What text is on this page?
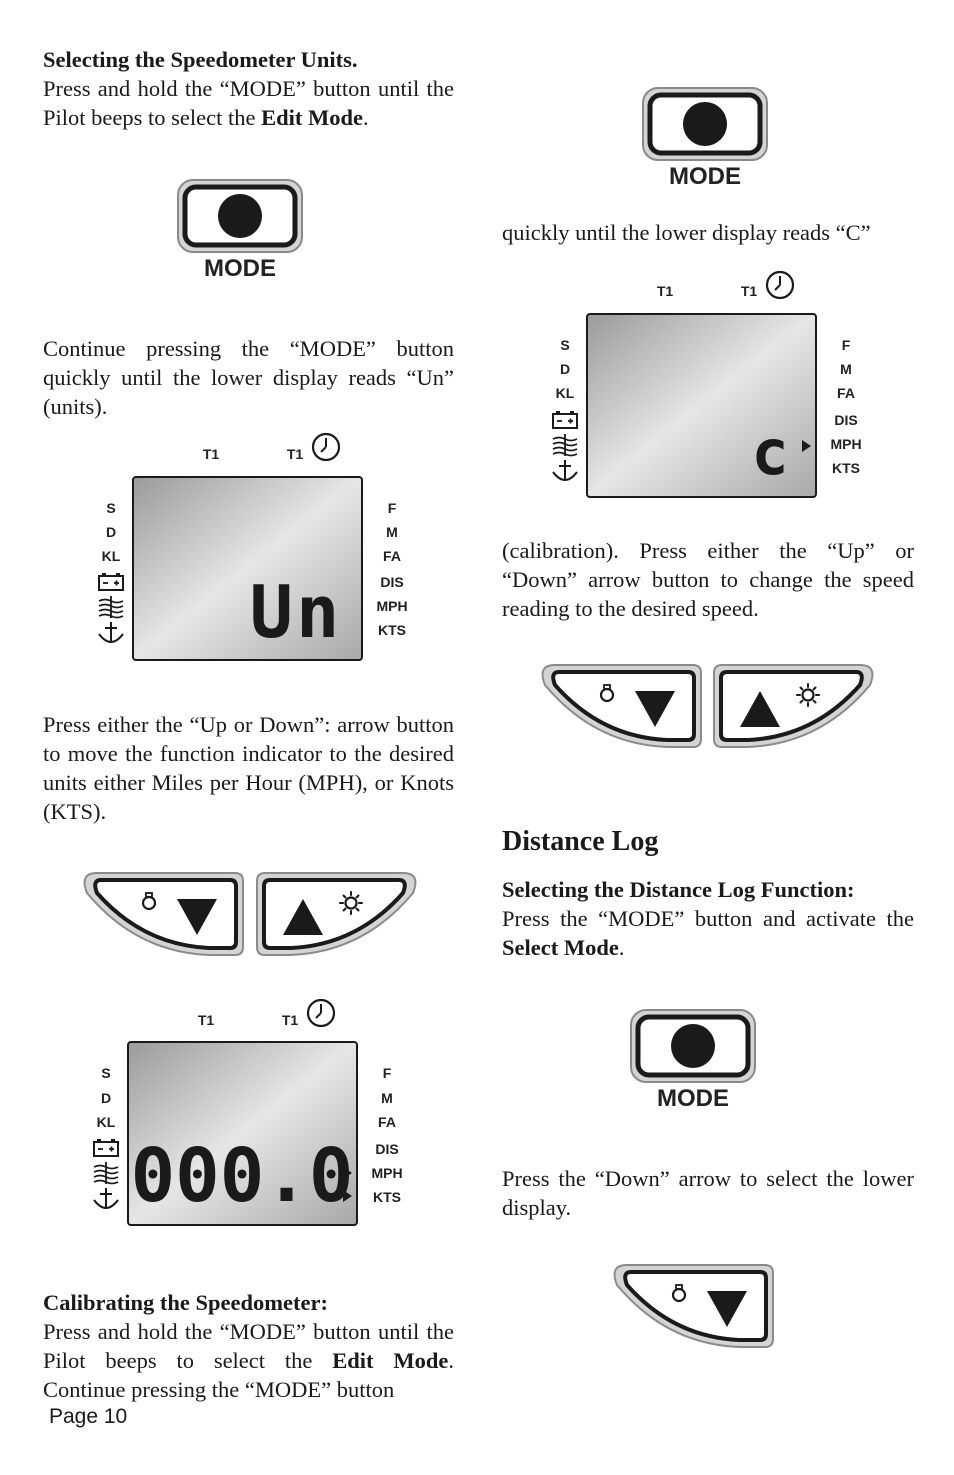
Selecting the Speedometer Units.

Press and hold the “MODE” button until the Pilot beeps to select the Edit Mode.

Continue pressing the “MODE” button quickly until the lower display reads “Un” (units).

Press either the “Up or Down”: arrow button to move the function indicator to the desired units either Miles per Hour (MPH), or Knots (KTS).

Calibrating the Speedometer:

Press and hold the “MODE” button until the Pilot beeps to select the Edit Mode. Continue pressing the “MODE” button

Page 10

quickly until the lower display reads “C”

(calibration). Press either the “Up” or “Down” arrow button to change the speed reading to the desired speed.

Distance Log

Selecting the Distance Log Function:

Press the “MODE” button and activate the Select Mode.

Press the “Down” arrow to select the lower display.

MODE
MODE
MODE
T1	T1
S
D
KL
F
M
FA
DIS
MPH
KTS
Un
T1	T1
S
D
KL
F
M
FA
DIS
MPH
KTS
000.0
T1	T1
S
D
KL
F
M
FA
DIS
MPH
KTS
c
